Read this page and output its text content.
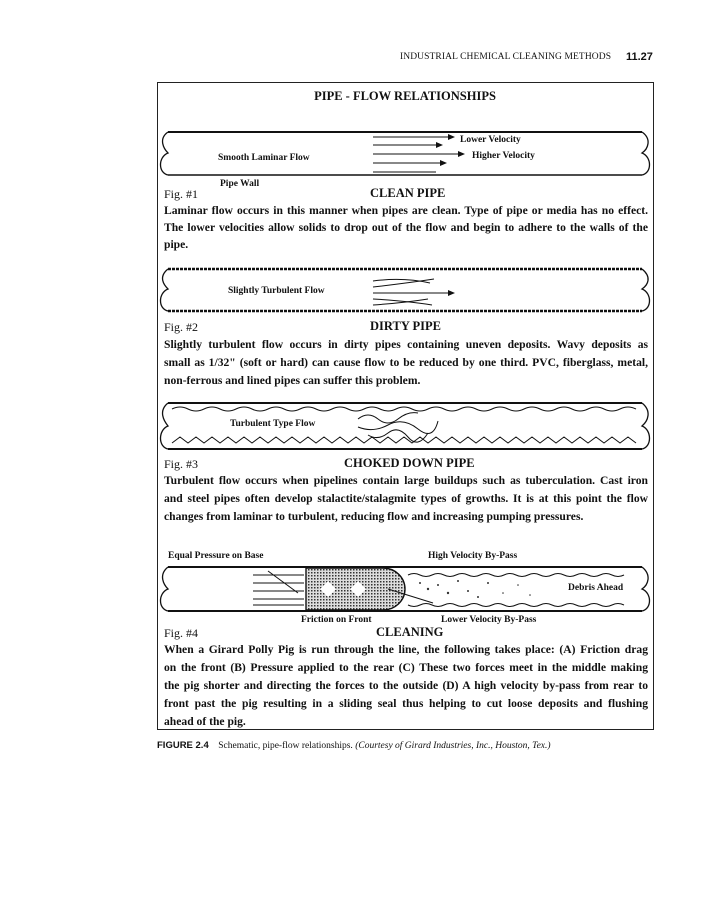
INDUSTRIAL CHEMICAL CLEANING METHODS 11.27
PIPE - FLOW RELATIONSHIPS
Smooth Laminar Flow
Lower Velocity
Higher Velocity
Pipe Wall
Fig. #1	CLEAN PIPE
Laminar flow occurs in this manner when pipes are clean. Type of pipe or media has no effect.
The lower velocities allow solids to drop out of the flow and begin to adhere to the walls of the
pipe.
Slightly Turbulent Flow
Fig. #2	DIRTY PIPE
Slightly turbulent flow occurs in dirty pipes containing uneven deposits. Wavy deposits as
small as 1/32" (soft or hard) can cause flow to be reduced by one third. PVC, fiberglass, metal,
non-ferrous and lined pipes can suffer this problem.
Turbulent Type Flow
Fig. #3	CHOKED DOWN PIPE
Turbulent flow occurs when pipelines contain large buildups such as tuberculation. Cast iron
and steel pipes often develop stalactite/stalagmite types of growths. It is at this point the flow
changes from laminar to turbulent, reducing flow and increasing pumping pressures.
Equal Pressure on Base	High Velocity By-Pass
Debris Ahead
Friction on Front	Lower Velocity By-Pass
Fig. #4	CLEANING
When a Girard Polly Pig is run through the line, the following takes place: (A) Friction drag
on the front (B) Pressure applied to the rear (C) These two forces meet in the middle making
the pig shorter and directing the forces to the outside (D) A high velocity by-pass from rear to
front past the pig resulting in a sliding seal thus helping to cut loose deposits and flushing
ahead of the pig.
FIGURE 2.4 Schematic, pipe-flow relationships. (Courtesy of Girard Industries, Inc., Houston, Tex.)
